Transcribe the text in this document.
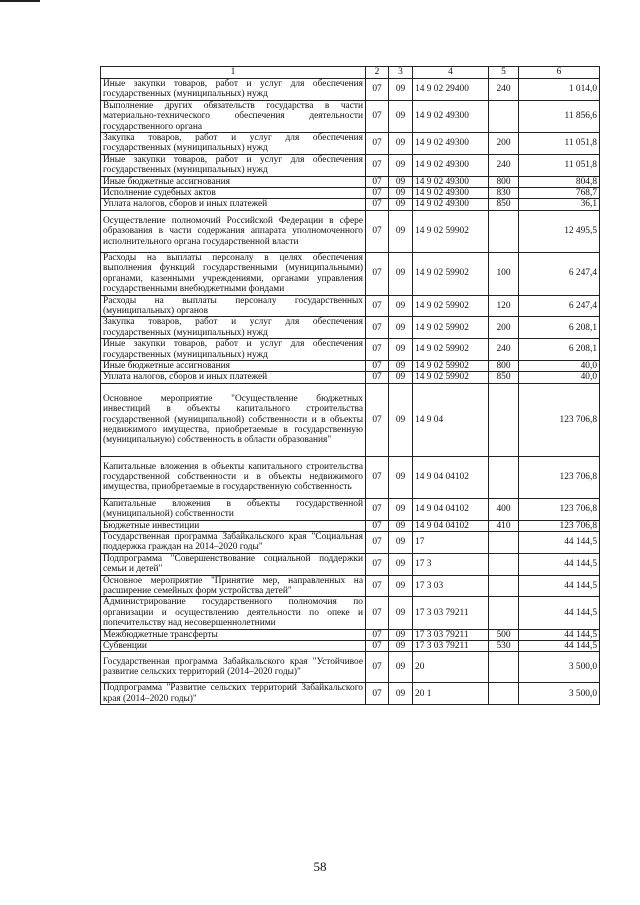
1	2	3	4	5	6
Иные закупки товаров, работ и услуг для обеспечения государственных (муниципальных) нужд	07	09	14 9 02 29400	240	1 014,0
Выполнение других обязательств государства в части материально-технического обеспечения деятельности государственного органа	07	09	14 9 02 49300		11 856,6
Закупка товаров, работ и услуг для обеспечения государственных (муниципальных) нужд	07	09	14 9 02 49300	200	11 051,8
Иные закупки товаров, работ и услуг для обеспечения государственных (муниципальных) нужд	07	09	14 9 02 49300	240	11 051,8
Иные бюджетные ассигнования	07	09	14 9 02 49300	800	804,8
Исполнение судебных актов	07	09	14 9 02 49300	830	768,7
Уплата налогов, сборов и иных платежей	07	09	14 9 02 49300	850	36,1
Осуществление полномочий Российской Федерации в сфере образования в части содержания аппарата уполномоченного исполнительного органа государственной власти	07	09	14 9 02 59902		12 495,5
Расходы на выплаты персоналу в целях обеспечения выполнения функций государственными (муниципальными) органами, казенными учреждениями, органами управления государственными внебюджетными фондами	07	09	14 9 02 59902	100	6 247,4
Расходы на выплаты персоналу государственных (муниципальных) органов	07	09	14 9 02 59902	120	6 247,4
Закупка товаров, работ и услуг для обеспечения государственных (муниципальных) нужд	07	09	14 9 02 59902	200	6 208,1
Иные закупки товаров, работ и услуг для обеспечения государственных (муниципальных) нужд	07	09	14 9 02 59902	240	6 208,1
Иные бюджетные ассигнования	07	09	14 9 02 59902	800	40,0
Уплата налогов, сборов и иных платежей	07	09	14 9 02 59902	850	40,0
Основное мероприятие "Осуществление бюджетных инвестиций в объекты капитального строительства государственной (муниципальной) собственности и в объекты недвижимого имущества, приобретаемые в государственную (муниципальную) собственность в области образования"	07	09	14 9 04		123 706,8
Капитальные вложения в объекты капитального строительства государственной собственности и в объекты недвижимого имущества, приобретаемые в государственную собственность	07	09	14 9 04 04102		123 706,8
Капитальные вложения в объекты государственной (муниципальной) собственности	07	09	14 9 04 04102	400	123 706,8
Бюджетные инвестиции	07	09	14 9 04 04102	410	123 706,8
Государственная программа Забайкальского края "Социальная поддержка граждан на 2014–2020 годы"	07	09	17		44 144,5
Подпрограмма "Совершенствование социальной поддержки семьи и детей"	07	09	17 3		44 144,5
Основное мероприятие "Принятие мер, направленных на расширение семейных форм устройства детей"	07	09	17 3 03		44 144,5
Администрирование государственного полномочия по организации и осуществлению деятельности по опеке и попечительству над несовершеннолетними	07	09	17 3 03 79211		44 144,5
Межбюджетные трансферты	07	09	17 3 03 79211	500	44 144,5
Субвенции	07	09	17 3 03 79211	530	44 144,5
Государственная программа Забайкальского края "Устойчивое развитие сельских территорий (2014–2020 годы)"	07	09	20		3 500,0
Подпрограмма "Развитие сельских территорий Забайкальского края (2014–2020 годы)"	07	09	20 1		3 500,0
58
